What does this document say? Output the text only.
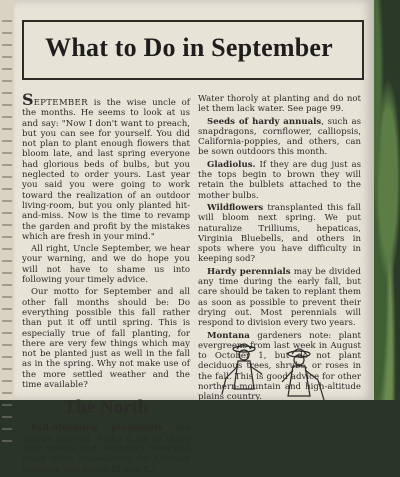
What to Do in September

SEPTEMBER is the wise uncle of the months. He seems to look at us and say: "Now I don't want to preach, but you can see for yourself. You did not plan to plant enough flowers that bloom late, and last spring everyone had glorious beds of bulbs, but you neglected to order yours. Last year you said you were going to work toward the realization of an outdoor living-room, but you only planted hit-and-miss. Now is the time to revamp the garden and profit by the mistakes which are fresh in your mind."

All right, Uncle September, we hear your warning, and we do hope you will not have to shame us into following your timely advice.

Our motto for September and all other fall months should be: Do everything possible this fall rather than put it off until spring. This is especially true of fall planting, for there are very few things which may not be planted just as well in the fall as in the spring. Why not make use of the more settled weather and the time available?

The North

Fall-blooming perennials are always enjoyed. Make a list of those your friends and neighbors have and order them immediately for October planting. See pages 81 and 82.

Water thoroly at planting and do not let them lack water. See page 99.

Seeds of hardy annuals, such as snapdragons, cornflower, calliopsis, California-poppies, and others, can be sown outdoors this month.

Gladiolus. If they are dug just as the tops begin to brown they will retain the bulblets attached to the mother bulbs.

Wildflowers transplanted this fall will bloom next spring. We put naturalize Trilliums, hepaticas, Virginia Bluebells, and others in spots where you have difficulty in keeping sod?

Hardy perennials may be divided any time during the early fall, but care should be taken to replant them as soon as possible to prevent their drying out. Most perennials will respond to division every two years.

Montana gardeners note: plant evergreens from last week in August to October 1, but do not plant deciduous trees, shrubs, or roses in the fall. This is good advice for other northern-mountain and high-altitude plains country.
